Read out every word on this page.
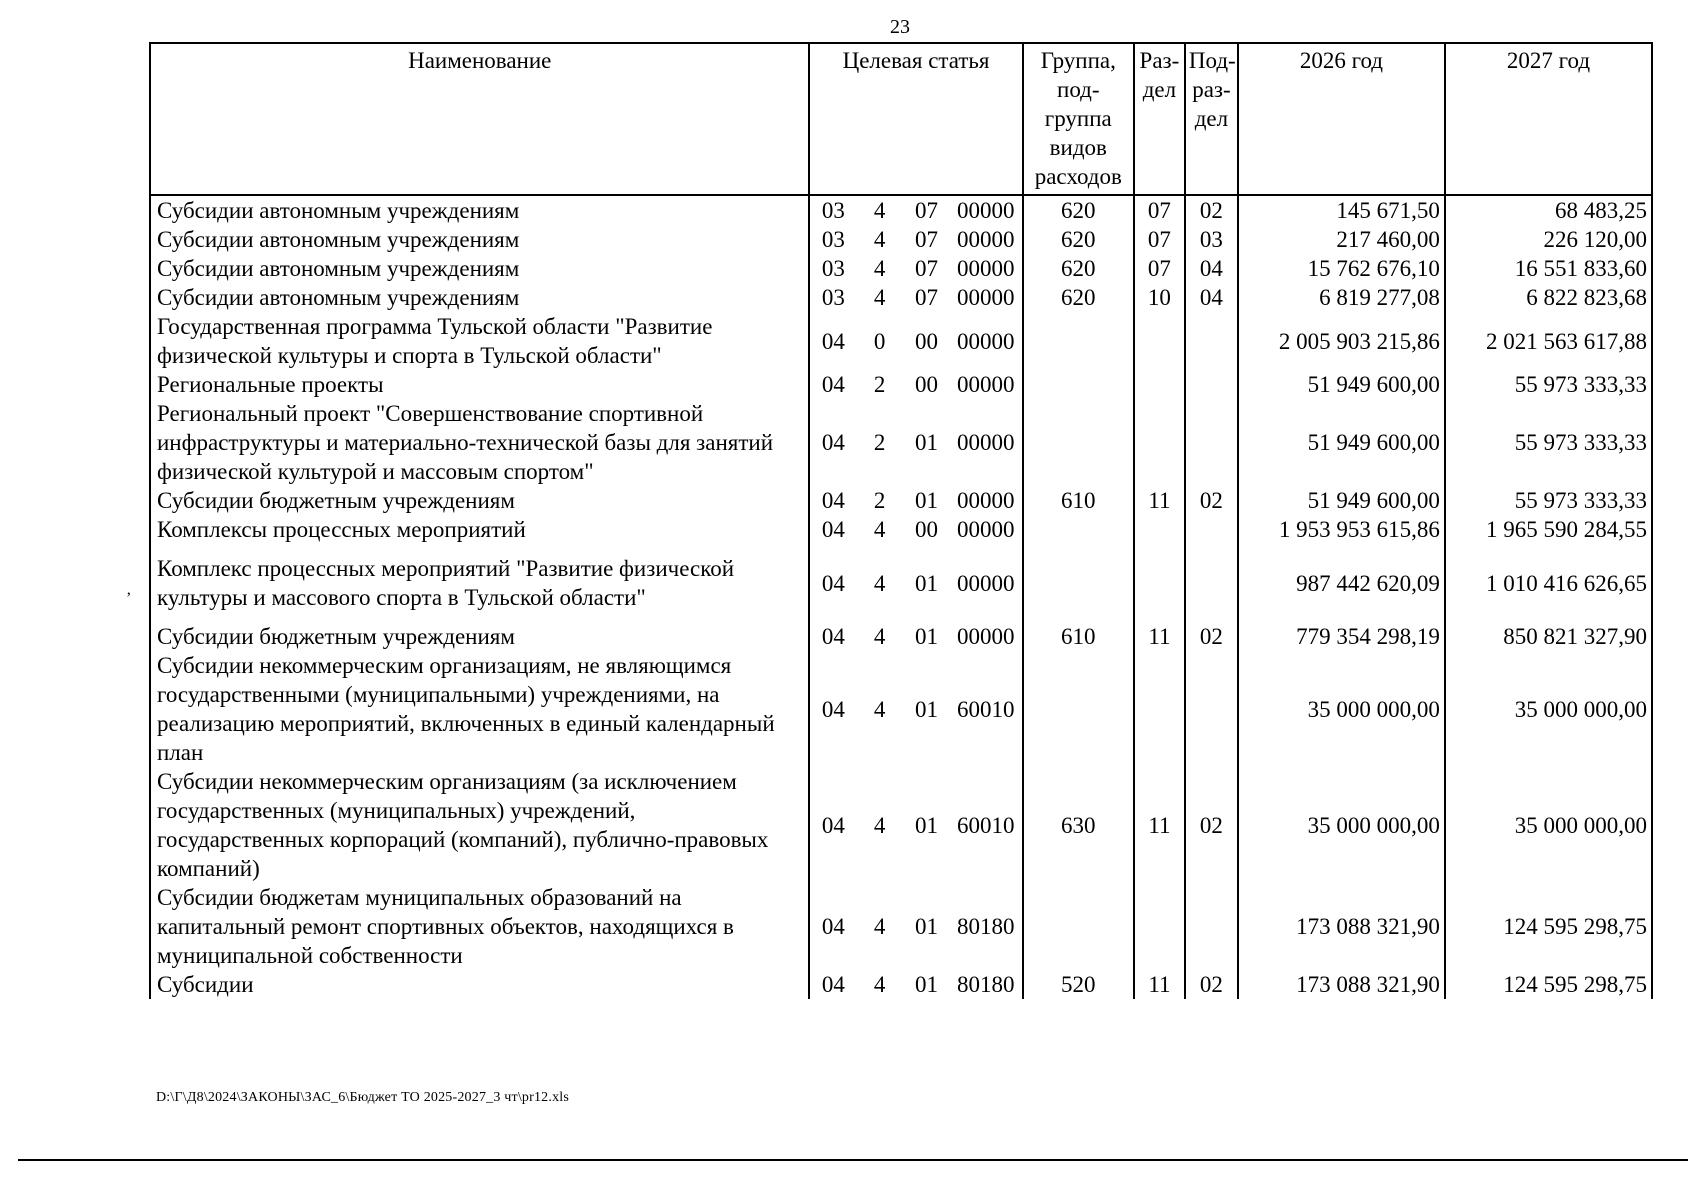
23
Наименование	Целевая статья				Группа, под-группа видов расходов	Раз-дел	Под-раз-дел	2026 год	2027 год
Субсидии автономным учреждениям	03	4	07	00000	620	07	02	145 671,50	68 483,25
Субсидии автономным учреждениям	03	4	07	00000	620	07	03	217 460,00	226 120,00
Субсидии автономным учреждениям	03	4	07	00000	620	07	04	15 762 676,10	16 551 833,60
Субсидии автономным учреждениям	03	4	07	00000	620	10	04	6 819 277,08	6 822 823,68
Государственная программа Тульской области "Развитие физической культуры и спорта в Тульской области"	04	0	00	00000				2 005 903 215,86	2 021 563 617,88
Региональные проекты	04	2	00	00000				51 949 600,00	55 973 333,33
Региональный проект "Совершенствование спортивной инфраструктуры и материально-технической базы для занятий физической культурой и массовым спортом"	04	2	01	00000				51 949 600,00	55 973 333,33
Субсидии бюджетным учреждениям	04	2	01	00000	610	11	02	51 949 600,00	55 973 333,33
Комплексы процессных мероприятий	04	4	00	00000				1 953 953 615,86	1 965 590 284,55

Комплекс процессных мероприятий "Развитие физической культуры и массового спорта в Тульской области"	04	4	01	00000				987 442 620,09	1 010 416 626,65

Субсидии бюджетным учреждениям	04	4	01	00000	610	11	02	779 354 298,19	850 821 327,90
Субсидии некоммерческим организациям, не являющимся государственными (муниципальными) учреждениями, на реализацию мероприятий, включенных в единый календарный план	04	4	01	60010				35 000 000,00	35 000 000,00
Субсидии некоммерческим организациям (за исключением государственных (муниципальных) учреждений, государственных корпораций (компаний), публично-правовых компаний)	04	4	01	60010	630	11	02	35 000 000,00	35 000 000,00
Субсидии бюджетам муниципальных образований на капитальный ремонт спортивных объектов, находящихся в муниципальной собственности	04	4	01	80180				173 088 321,90	124 595 298,75
Субсидии	04	4	01	80180	520	11	02	173 088 321,90	124 595 298,75
ʼ
D:\Г\Д8\2024\ЗАКОНЫ\ЗАС_6\Бюджет ТО 2025-2027_3 чт\pr12.xls
